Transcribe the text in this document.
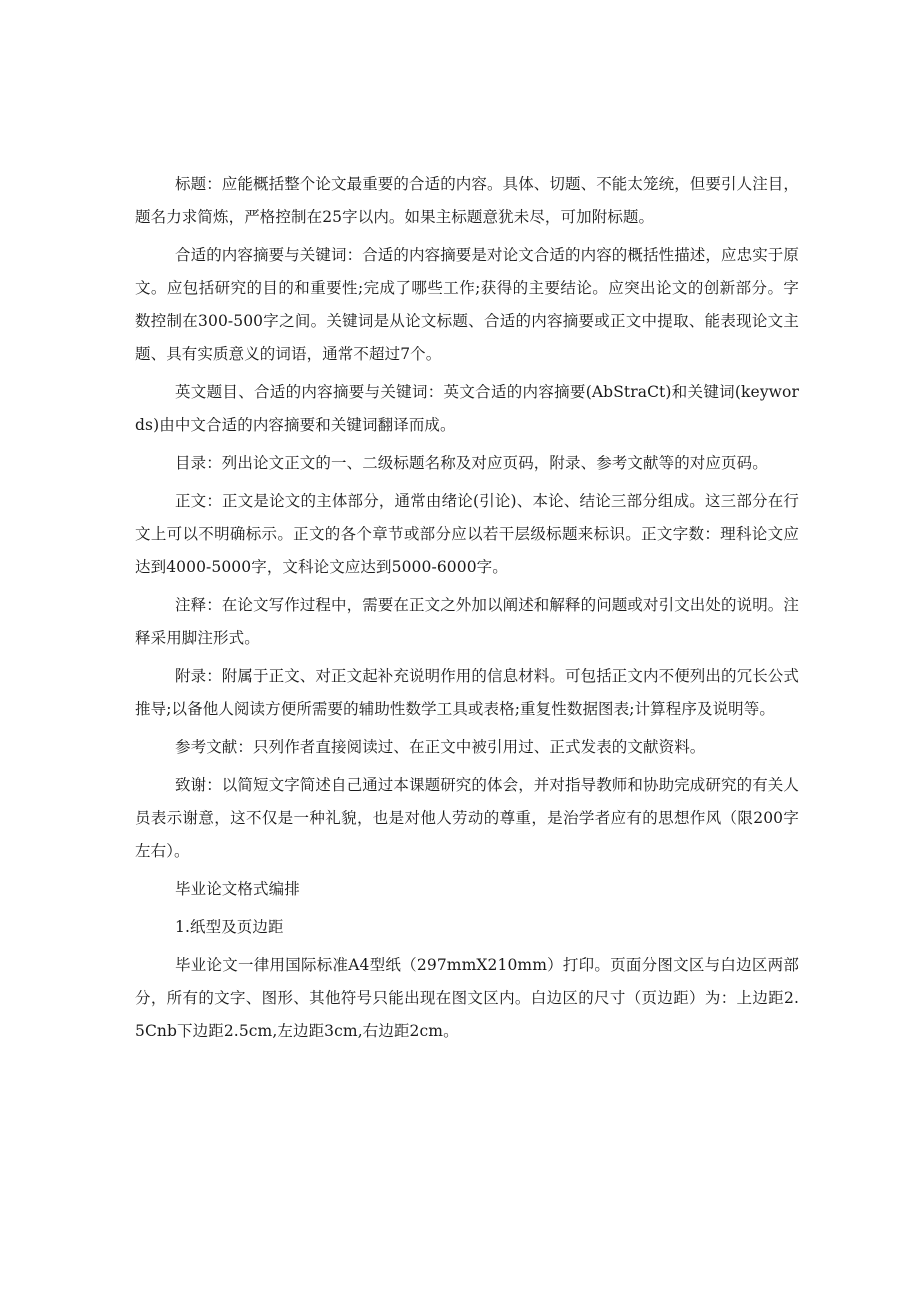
标题：应能概括整个论文最重要的合适的内容。具体、切题、不能太笼统，但要引人注目，题名力求简炼，严格控制在25字以内。如果主标题意犹未尽，可加附标题。

合适的内容摘要与关键词：合适的内容摘要是对论文合适的内容的概括性描述，应忠实于原文。应包括研究的目的和重要性;完成了哪些工作;获得的主要结论。应突出论文的创新部分。字数控制在300-500字之间。关键词是从论文标题、合适的内容摘要或正文中提取、能表现论文主题、具有实质意义的词语，通常不超过7个。

英文题目、合适的内容摘要与关键词：英文合适的内容摘要(AbStraCt)和关键词(keywords)由中文合适的内容摘要和关键词翻译而成。

目录：列出论文正文的一、二级标题名称及对应页码，附录、参考文献等的对应页码。

正文：正文是论文的主体部分，通常由绪论(引论)、本论、结论三部分组成。这三部分在行文上可以不明确标示。正文的各个章节或部分应以若干层级标题来标识。正文字数：理科论文应达到4000-5000字，文科论文应达到5000-6000字。

注释：在论文写作过程中，需要在正文之外加以阐述和解释的问题或对引文出处的说明。注释采用脚注形式。

附录：附属于正文、对正文起补充说明作用的信息材料。可包括正文内不便列出的冗长公式推导;以备他人阅读方便所需要的辅助性数学工具或表格;重复性数据图表;计算程序及说明等。

参考文献：只列作者直接阅读过、在正文中被引用过、正式发表的文献资料。

致谢：以简短文字简述自己通过本课题研究的体会，并对指导教师和协助完成研究的有关人员表示谢意，这不仅是一种礼貌，也是对他人劳动的尊重，是治学者应有的思想作风（限200字左右）。

毕业论文格式编排

1.纸型及页边距

毕业论文一律用国际标准A4型纸（297mmX210mm）打印。页面分图文区与白边区两部分，所有的文字、图形、其他符号只能出现在图文区内。白边区的尺寸（页边距）为：上边距2.5Cnb下边距2.5cm,左边距3cm,右边距2cm。
